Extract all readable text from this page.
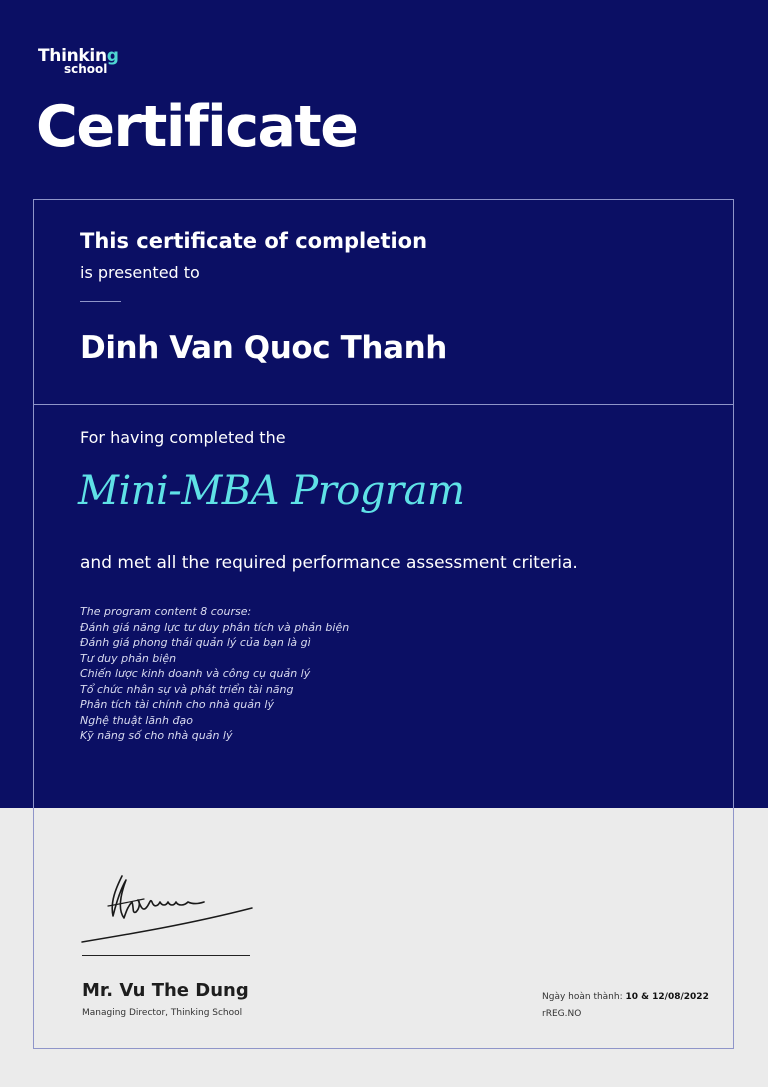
Thinking
school
Certificate
This certificate of completion
is presented to
Dinh Van Quoc Thanh
For having completed the
Mini-MBA Program
and met all the required performance assessment criteria.
The program content 8 course:
Đánh giá năng lực tư duy phân tích và phản biện
Đánh giá phong thái quản lý của bạn là gì
Tư duy phản biện
Chiến lược kinh doanh và công cụ quản lý
Tổ chức nhân sự và phát triển tài năng
Phân tích tài chính cho nhà quản lý
Nghệ thuật lãnh đạo
Kỹ năng số cho nhà quản lý
Mr. Vu The Dung
Managing Director, Thinking School
Ngày hoàn thành: 10 & 12/08/2022
rREG.NO
